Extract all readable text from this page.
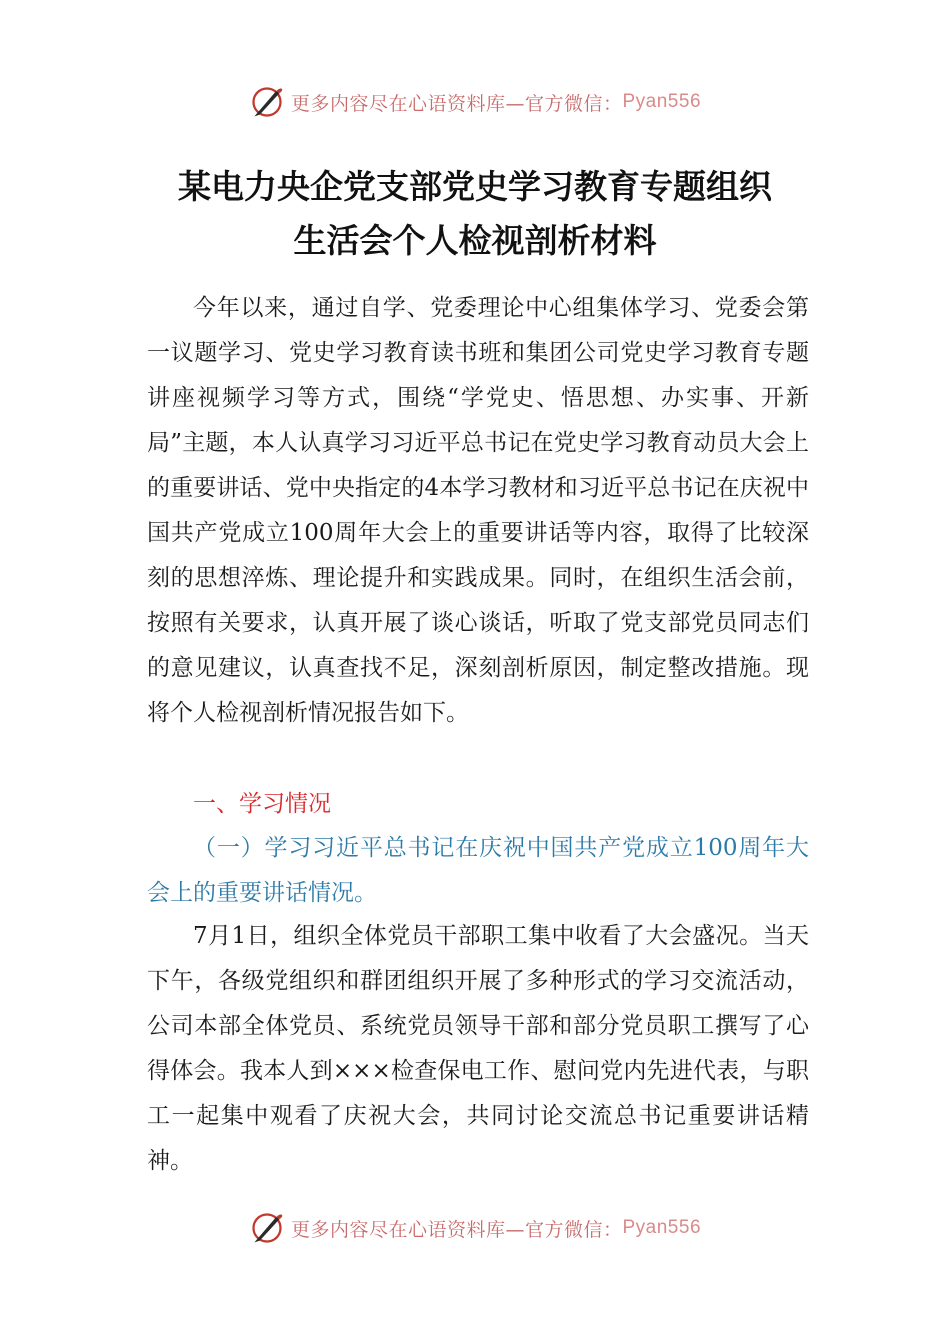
更多内容尽在心语资料库—官方微信： Pyan556
某电力央企党支部党史学习教育专题组织
生活会个人检视剖析材料

今年以来，通过自学、党委理论中心组集体学习、党委会第一议题学习、党史学习教育读书班和集团公司党史学习教育专题讲座视频学习等方式，围绕“学党史、悟思想、办实事、开新局”主题，本人认真学习习近平总书记在党史学习教育动员大会上的重要讲话、党中央指定的4本学习教材和习近平总书记在庆祝中国共产党成立100周年大会上的重要讲话等内容，取得了比较深刻的思想淬炼、理论提升和实践成果。同时，在组织生活会前，按照有关要求，认真开展了谈心谈话，听取了党支部党员同志们的意见建议，认真查找不足，深刻剖析原因，制定整改措施。现将个人检视剖析情况报告如下。

一、学习情况
（一）学习习近平总书记在庆祝中国共产党成立100周年大会上的重要讲话情况。

7月1日，组织全体党员干部职工集中收看了大会盛况。当天下午，各级党组织和群团组织开展了多种形式的学习交流活动，公司本部全体党员、系统党员领导干部和部分党员职工撰写了心得体会。我本人到×××检查保电工作、慰问党内先进代表，与职工一起集中观看了庆祝大会，共同讨论交流总书记重要讲话精神。

更多内容尽在心语资料库—官方微信： Pyan556
